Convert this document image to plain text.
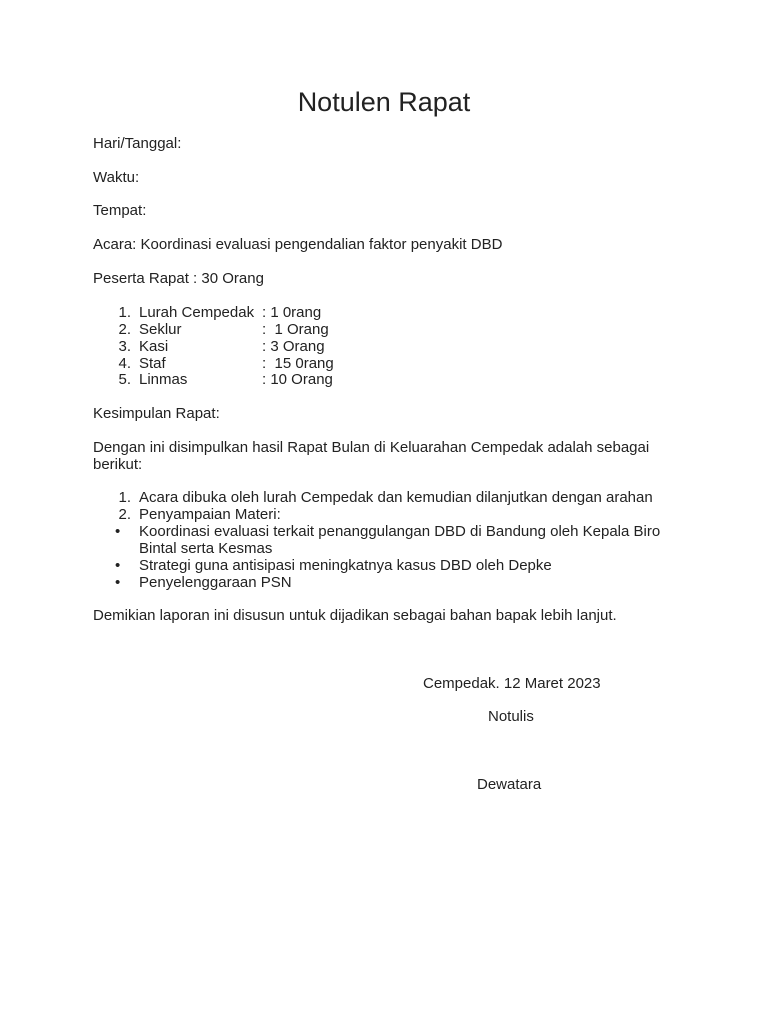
Notulen Rapat
Hari/Tanggal:
Waktu:
Tempat:
Acara: Koordinasi evaluasi pengendalian faktor penyakit DBD
Peserta Rapat : 30 Orang
1. Lurah Cempedak : 1 0rang
2. Seklur	:  1 Orang
3. Kasi	: 3 Orang
4. Staf	:  15 0rang
5. Linmas	: 10 Orang
Kesimpulan Rapat:
Dengan ini disimpulkan hasil Rapat Bulan di Keluarahan Cempedak adalah sebagai berikut:
1. Acara dibuka oleh lurah Cempedak dan kemudian dilanjutkan dengan arahan
2. Penyampaian Materi:
•	Koordinasi evaluasi terkait penanggulangan DBD di Bandung oleh Kepala Biro Bintal serta Kesmas
•	Strategi guna antisipasi meningkatnya kasus DBD oleh Depke
•	Penyelenggaraan PSN
Demikian laporan ini disusun untuk dijadikan sebagai bahan bapak lebih lanjut.
Cempedak. 12 Maret 2023
Notulis
Dewatara
